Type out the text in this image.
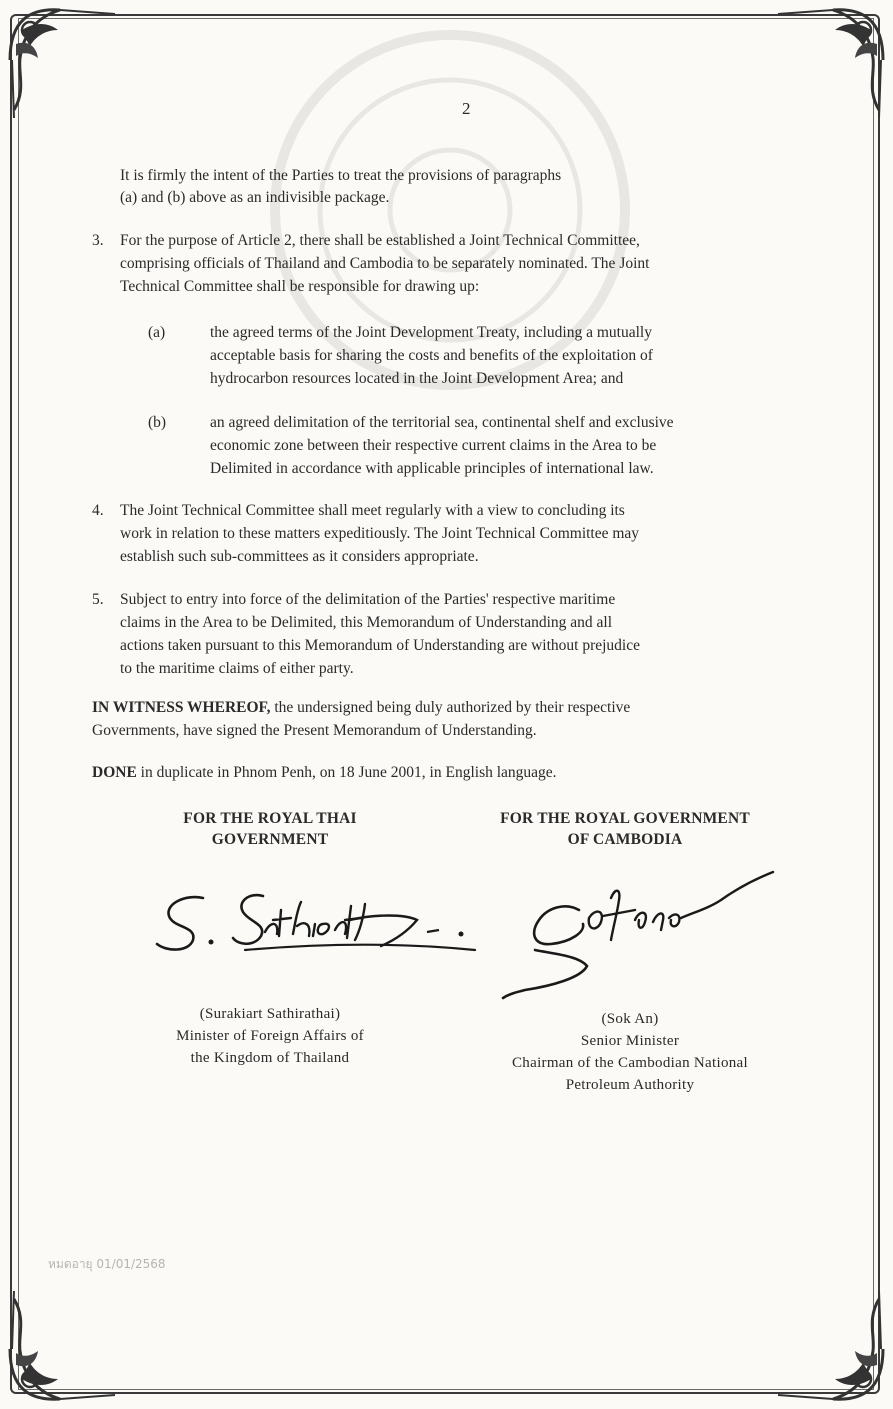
2
It is firmly the intent of the Parties to treat the provisions of paragraphs
(a) and (b) above as an indivisible package.
3. For the purpose of Article 2, there shall be established a Joint Technical Committee,
comprising officials of Thailand and Cambodia to be separately nominated. The Joint
Technical Committee shall be responsible for drawing up:
(a)	the agreed terms of the Joint Development Treaty, including a mutually
acceptable basis for sharing the costs and benefits of the exploitation of
hydrocarbon resources located in the Joint Development Area; and
(b)	an agreed delimitation of the territorial sea, continental shelf and exclusive
economic zone between their respective current claims in the Area to be
Delimited in accordance with applicable principles of international law.
4. The Joint Technical Committee shall meet regularly with a view to concluding its
work in relation to these matters expeditiously. The Joint Technical Committee may
establish such sub-committees as it considers appropriate.
5. Subject to entry into force of the delimitation of the Parties' respective maritime
claims in the Area to be Delimited, this Memorandum of Understanding and all
actions taken pursuant to this Memorandum of Understanding are without prejudice
to the maritime claims of either party.
IN WITNESS WHEREOF, the undersigned being duly authorized by their respective
Governments, have signed the Present Memorandum of Understanding.
DONE in duplicate in Phnom Penh, on 18 June 2001, in English language.
FOR THE ROYAL THAI
GOVERNMENT
FOR THE ROYAL GOVERNMENT
OF CAMBODIA
(Surakiart Sathirathai)
Minister of Foreign Affairs of
the Kingdom of Thailand
(Sok An)
Senior Minister
Chairman of the Cambodian National
Petroleum Authority
หมดอายุ 01/01/2568
